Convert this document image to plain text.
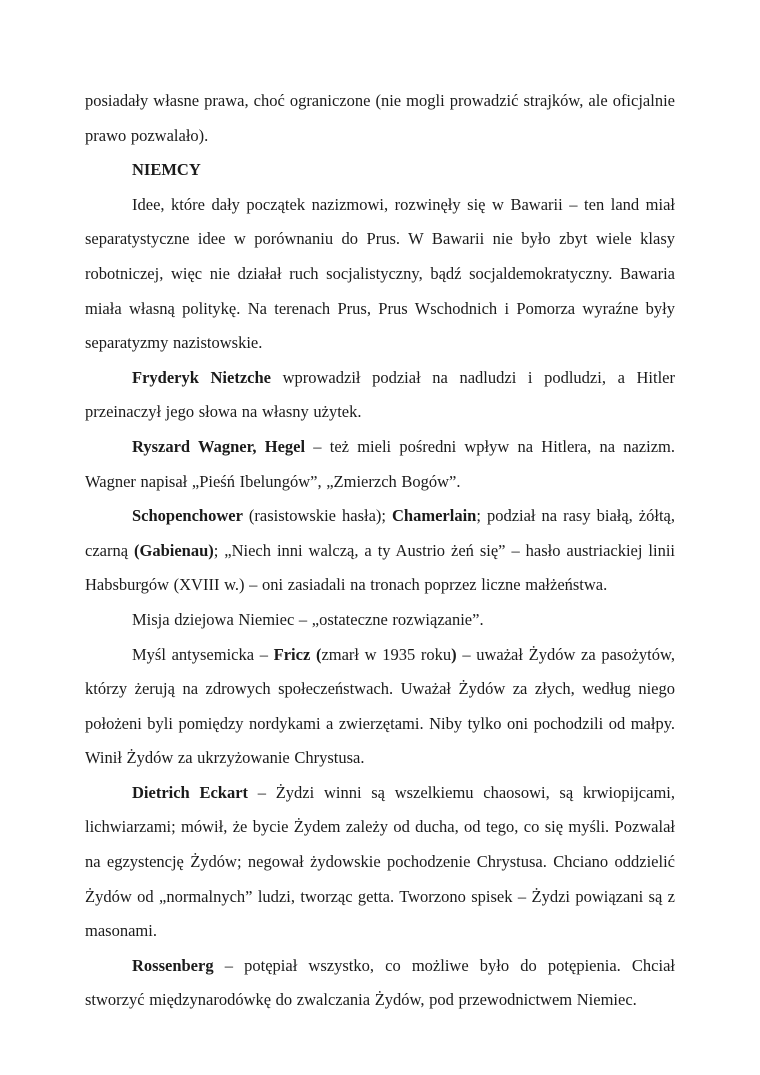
posiadały własne prawa, choć ograniczone (nie mogli prowadzić strajków, ale oficjalnie prawo pozwalało).

NIEMCY

Idee, które dały początek nazizmowi, rozwinęły się w Bawarii – ten land miał separatystyczne idee w porównaniu do Prus. W Bawarii nie było zbyt wiele klasy robotniczej, więc nie działał ruch socjalistyczny, bądź socjaldemokratyczny. Bawaria miała własną politykę. Na terenach Prus, Prus Wschodnich i Pomorza wyraźne były separatyzmy nazistowskie.

Fryderyk Nietzche wprowadził podział na nadludzi i podludzi, a Hitler przeinaczył jego słowa na własny użytek.

Ryszard Wagner, Hegel – też mieli pośredni wpływ na Hitlera, na nazizm. Wagner napisał „Pieśń Ibelungów”, „Zmierzch Bogów”.

Schopenchower (rasistowskie hasła); Chamerlain; podział na rasy białą, żółtą, czarną (Gabienau); „Niech inni walczą, a ty Austrio żeń się” – hasło austriackiej linii Habsburgów (XVIII w.) – oni zasiadali na tronach poprzez liczne małżeństwa.

Misja dziejowa Niemiec – „ostateczne rozwiązanie”.

Myśl antysemicka – Fricz (zmarł w 1935 roku) – uważał Żydów za pasożytów, którzy żerują na zdrowych społeczeństwach. Uważał Żydów za złych, według niego położeni byli pomiędzy nordykami a zwierzętami. Niby tylko oni pochodzili od małpy. Winił Żydów za ukrzyżowanie Chrystusa.

Dietrich Eckart – Żydzi winni są wszelkiemu chaosowi, są krwiopijcami, lichwiarzami; mówił, że bycie Żydem zależy od ducha, od tego, co się myśli. Pozwalał na egzystencję Żydów; negował żydowskie pochodzenie Chrystusa. Chciano oddzielić Żydów od „normalnych” ludzi, tworząc getta. Tworzono spisek – Żydzi powiązani są z masonami.

Rossenberg – potępiał wszystko, co możliwe było do potępienia. Chciał stworzyć międzynarodówkę do zwalczania Żydów, pod przewodnictwem Niemiec.
